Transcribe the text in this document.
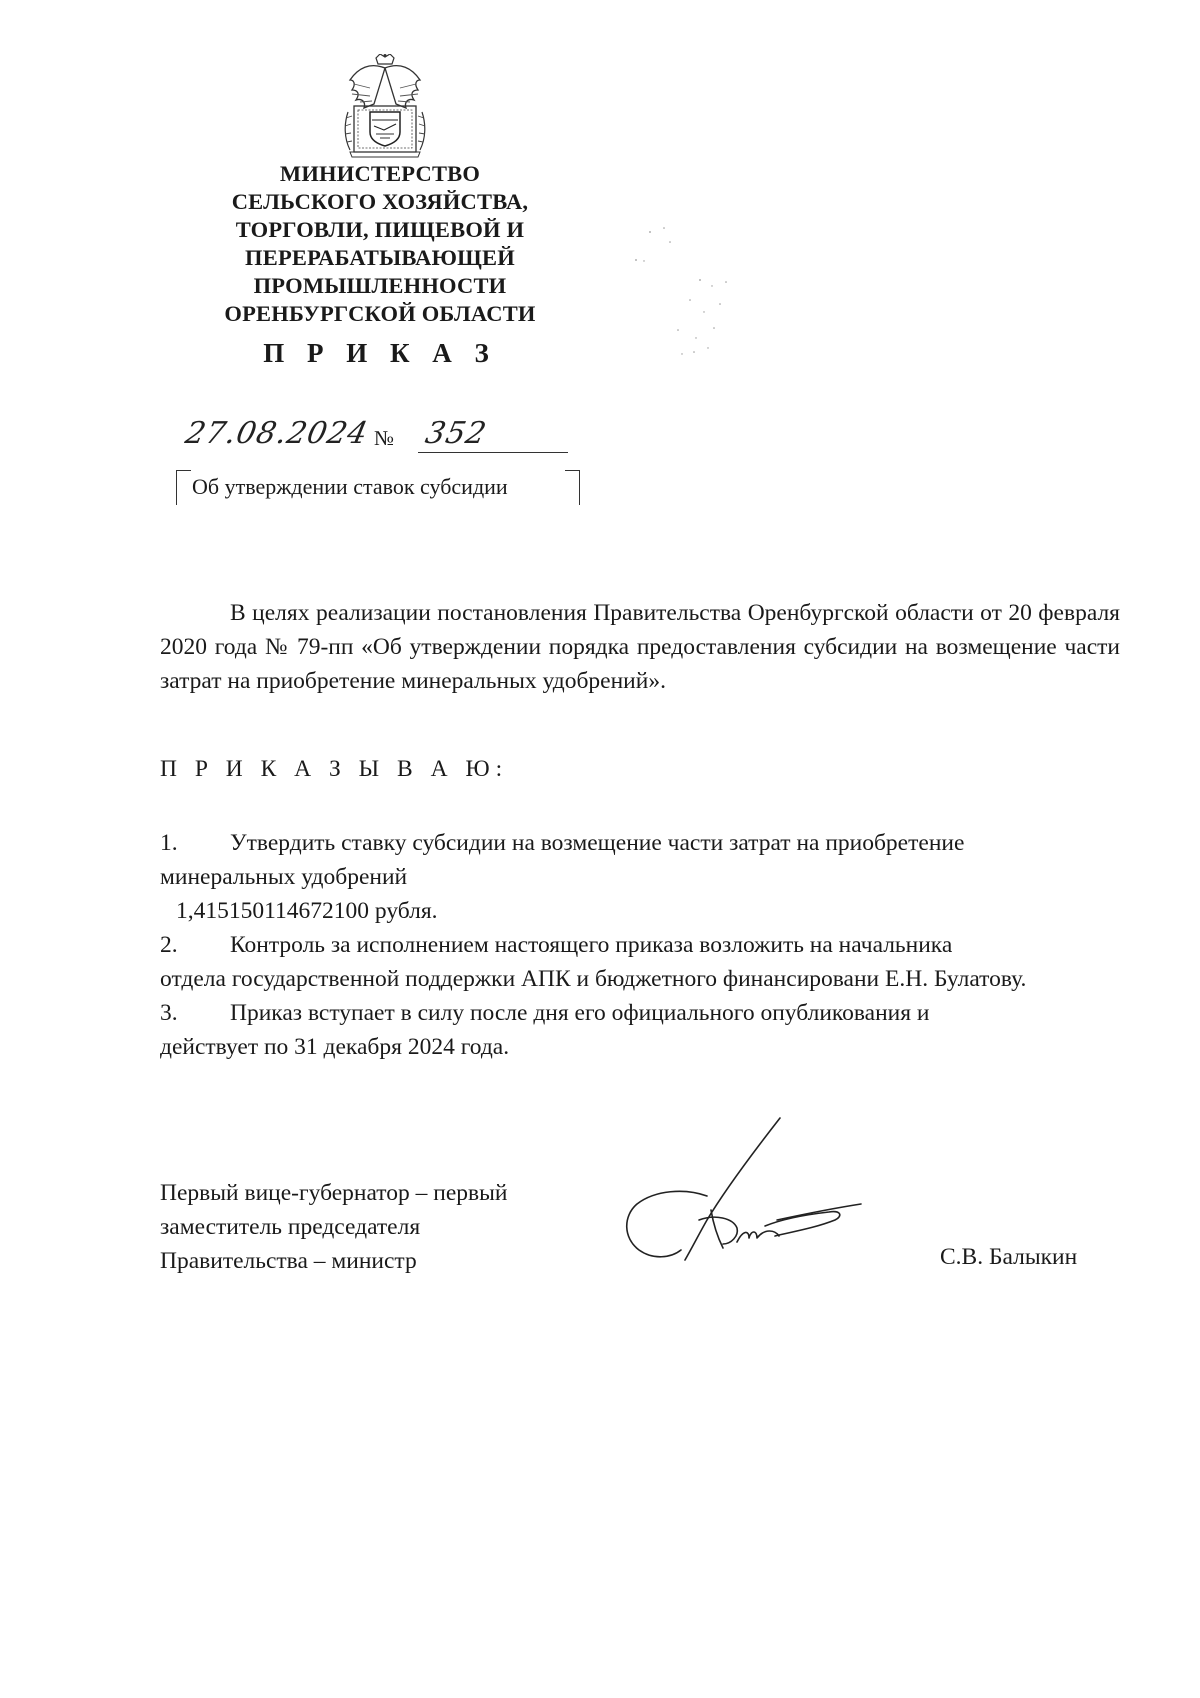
МИНИСТЕРСТВО
СЕЛЬСКОГО ХОЗЯЙСТВА,
ТОРГОВЛИ, ПИЩЕВОЙ И
ПЕРЕРАБАТЫВАЮЩЕЙ
ПРОМЫШЛЕННОСТИ
ОРЕНБУРГСКОЙ ОБЛАСТИ
П Р И К А З
27.08.2024 № 352
Об утверждении ставок субсидии
В целях реализации постановления Правительства Оренбургской области от 20 февраля 2020 года № 79-пп «Об утверждении порядка предоставления субсидии на возмещение части затрат на приобретение минеральных удобрений».
П Р И К А З Ы В А Ю:
1.	Утвердить ставку субсидии на возмещение части затрат на приобретение
минеральных удобрений
1,415150114672100 рубля.
2.	Контроль за исполнением настоящего приказа возложить на начальника
отдела государственной поддержки АПК и бюджетного финансировани Е.Н. Булатову.
3.	Приказ вступает в силу после дня его официального опубликования и
действует по 31 декабря 2024 года.
Первый вице-губернатор – первый
заместитель председателя
Правительства – министр	С.В. Балыкин
